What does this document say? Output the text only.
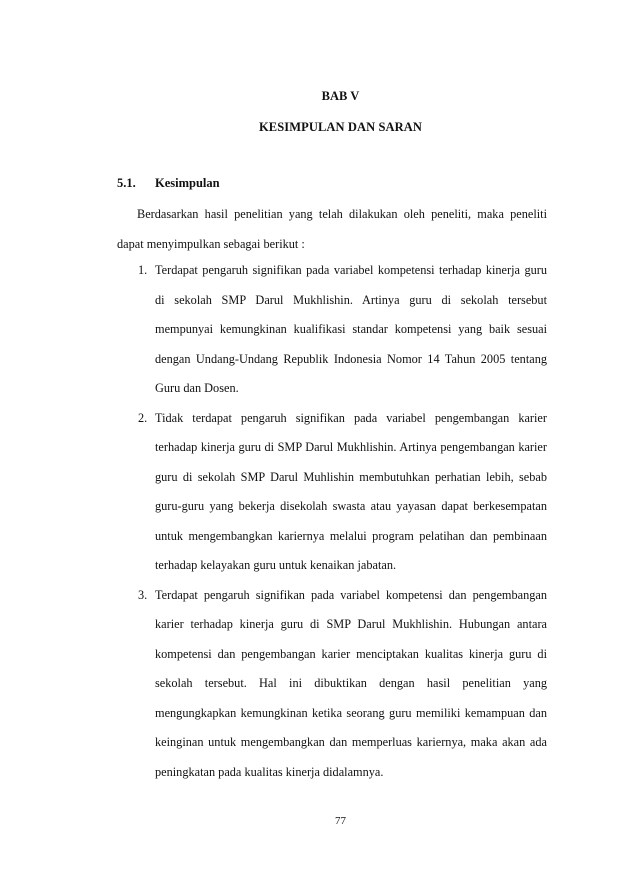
BAB V
KESIMPULAN DAN SARAN
5.1. Kesimpulan

Berdasarkan hasil penelitian yang telah dilakukan oleh peneliti, maka peneliti dapat menyimpulkan sebagai berikut :

1. Terdapat pengaruh signifikan pada variabel kompetensi terhadap kinerja guru di sekolah SMP Darul Mukhlishin. Artinya guru di sekolah tersebut mempunyai kemungkinan kualifikasi standar kompetensi yang baik sesuai dengan Undang-Undang Republik Indonesia Nomor 14 Tahun 2005 tentang Guru dan Dosen.
2. Tidak terdapat pengaruh signifikan pada variabel pengembangan karier terhadap kinerja guru di SMP Darul Mukhlishin. Artinya pengembangan karier guru di sekolah SMP Darul Muhlishin membutuhkan perhatian lebih, sebab guru-guru yang bekerja disekolah swasta atau yayasan dapat berkesempatan untuk mengembangkan kariernya melalui program pelatihan dan pembinaan terhadap kelayakan guru untuk kenaikan jabatan.
3. Terdapat pengaruh signifikan pada variabel kompetensi dan pengembangan karier terhadap kinerja guru di SMP Darul Mukhlishin. Hubungan antara kompetensi dan pengembangan karier menciptakan kualitas kinerja guru di sekolah tersebut. Hal ini dibuktikan dengan hasil penelitian yang mengungkapkan kemungkinan ketika seorang guru memiliki kemampuan dan keinginan untuk mengembangkan dan memperluas kariernya, maka akan ada peningkatan pada kualitas kinerja didalamnya.
77
